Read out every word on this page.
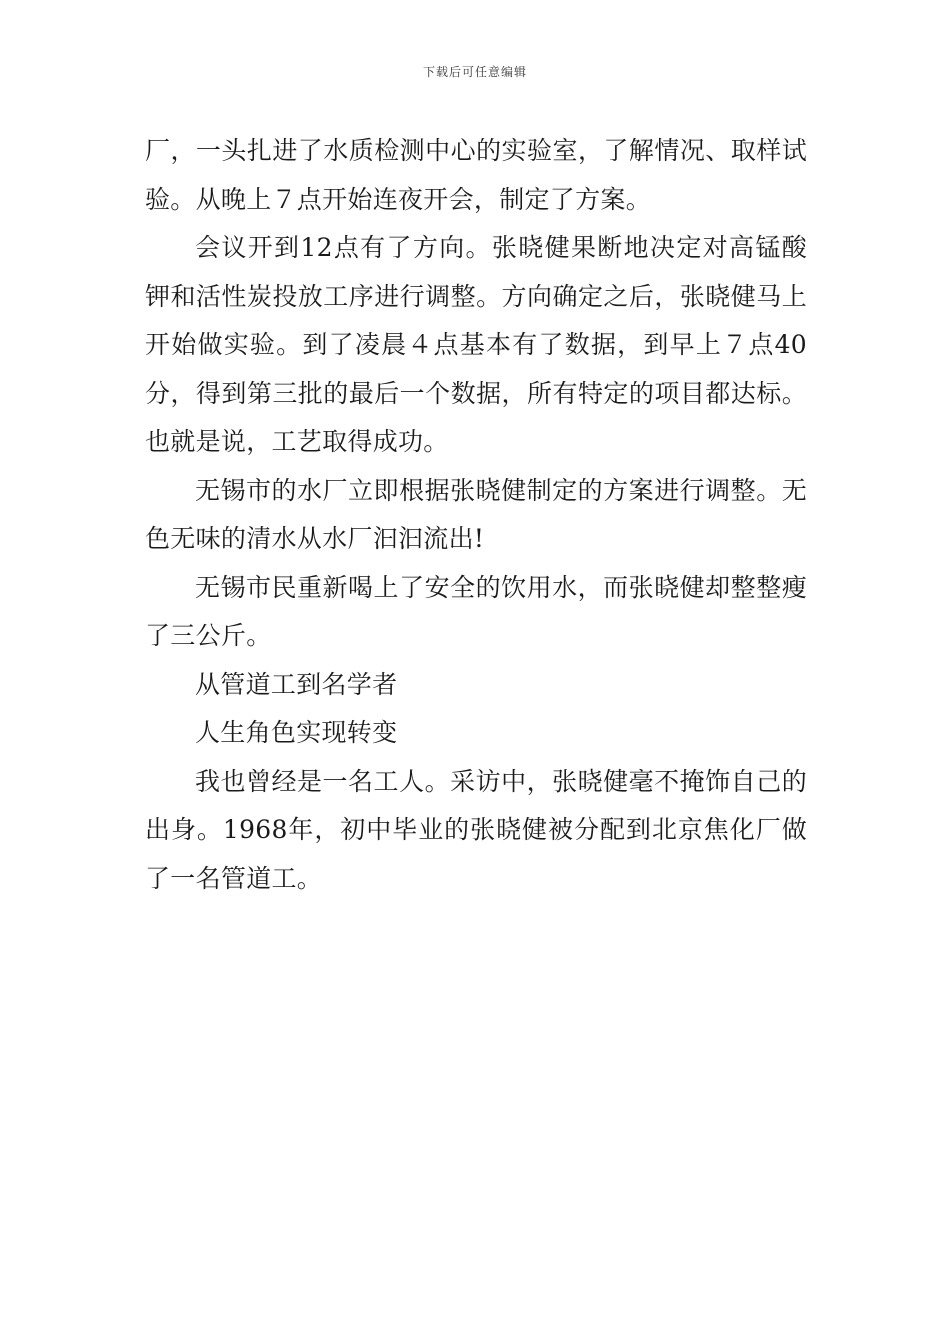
下载后可任意编辑

厂，一头扎进了水质检测中心的实验室，了解情况、取样试验。从晚上７点开始连夜开会，制定了方案。

会议开到12点有了方向。张晓健果断地决定对高锰酸钾和活性炭投放工序进行调整。方向确定之后，张晓健马上开始做实验。到了凌晨４点基本有了数据，到早上７点40分，得到第三批的最后一个数据，所有特定的项目都达标。也就是说，工艺取得成功。

无锡市的水厂立即根据张晓健制定的方案进行调整。无色无味的清水从水厂汩汩流出!

无锡市民重新喝上了安全的饮用水，而张晓健却整整瘦了三公斤。

从管道工到名学者

人生角色实现转变

我也曾经是一名工人。采访中，张晓健毫不掩饰自己的出身。1968年，初中毕业的张晓健被分配到北京焦化厂做了一名管道工。
